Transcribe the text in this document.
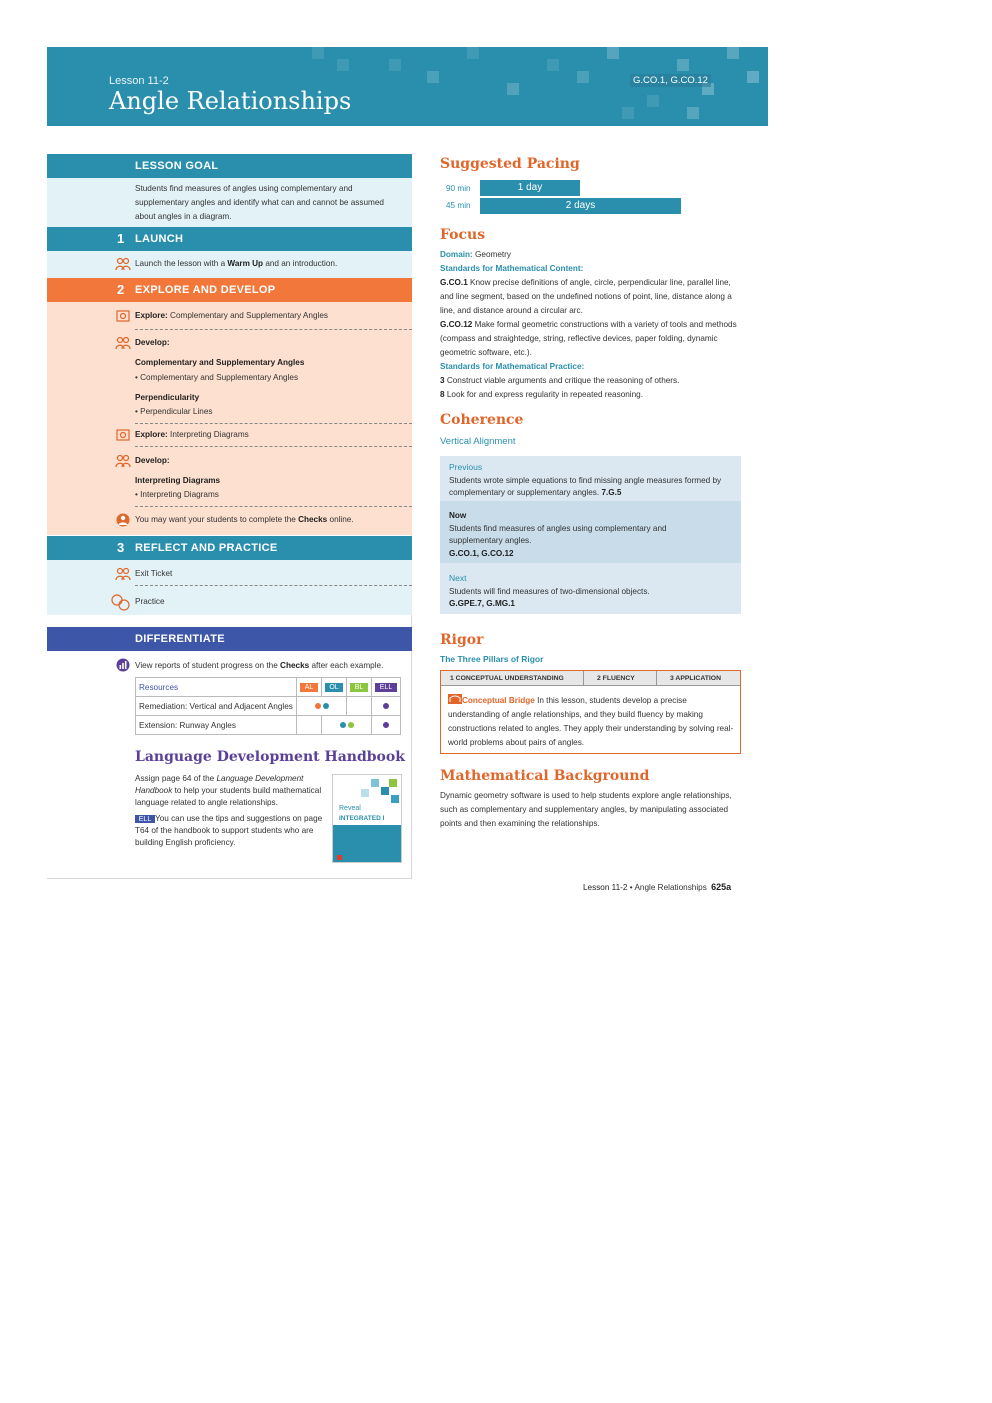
Lesson 11-2
Angle Relationships
G.CO.1, G.CO.12
LESSON GOAL
Students find measures of angles using complementary and supplementary angles and identify what can and cannot be assumed about angles in a diagram.
1 LAUNCH
Launch the lesson with a Warm Up and an introduction.
2 EXPLORE AND DEVELOP
Explore: Complementary and Supplementary Angles
Develop:
Complementary and Supplementary Angles
• Complementary and Supplementary Angles
Perpendicularity
• Perpendicular Lines
Explore: Interpreting Diagrams
Develop:
Interpreting Diagrams
• Interpreting Diagrams
You may want your students to complete the Checks online.
3 REFLECT AND PRACTICE
Exit Ticket
Practice
DIFFERENTIATE
View reports of student progress on the Checks after each example.
Resources	AL	OL	BL	ELL
Remediation: Vertical and Adjacent Angles				
Extension: Runway Angles				
Language Development Handbook
Assign page 64 of the Language Development Handbook to help your students build mathematical language related to angle relationships.
ELL You can use the tips and suggestions on page T64 of the handbook to support students who are building English proficiency.
Reveal
INTEGRATED I
Suggested Pacing
90 min	1 day
45 min	2 days
Focus
Domain: Geometry
Standards for Mathematical Content:
G.CO.1 Know precise definitions of angle, circle, perpendicular line, parallel line, and line segment, based on the undefined notions of point, line, distance along a line, and distance around a circular arc.
G.CO.12 Make formal geometric constructions with a variety of tools and methods (compass and straightedge, string, reflective devices, paper folding, dynamic geometric software, etc.).
Standards for Mathematical Practice:
3 Construct viable arguments and critique the reasoning of others.
8 Look for and express regularity in repeated reasoning.
Coherence
Vertical Alignment
Previous
Students wrote simple equations to find missing angle measures formed by complementary or supplementary angles. 7.G.5
Now
Students find measures of angles using complementary and supplementary angles.
G.CO.1, G.CO.12
Next
Students will find measures of two-dimensional objects.
G.GPE.7, G.MG.1
Rigor
The Three Pillars of Rigor
1 CONCEPTUAL UNDERSTANDING	2 FLUENCY	3 APPLICATION
Conceptual Bridge In this lesson, students develop a precise understanding of angle relationships, and they build fluency by making constructions related to angles. They apply their understanding by solving real-world problems about pairs of angles.
Mathematical Background
Dynamic geometry software is used to help students explore angle relationships, such as complementary and supplementary angles, by manipulating associated points and then examining the relationships.
Lesson 11-2 • Angle Relationships 625a
